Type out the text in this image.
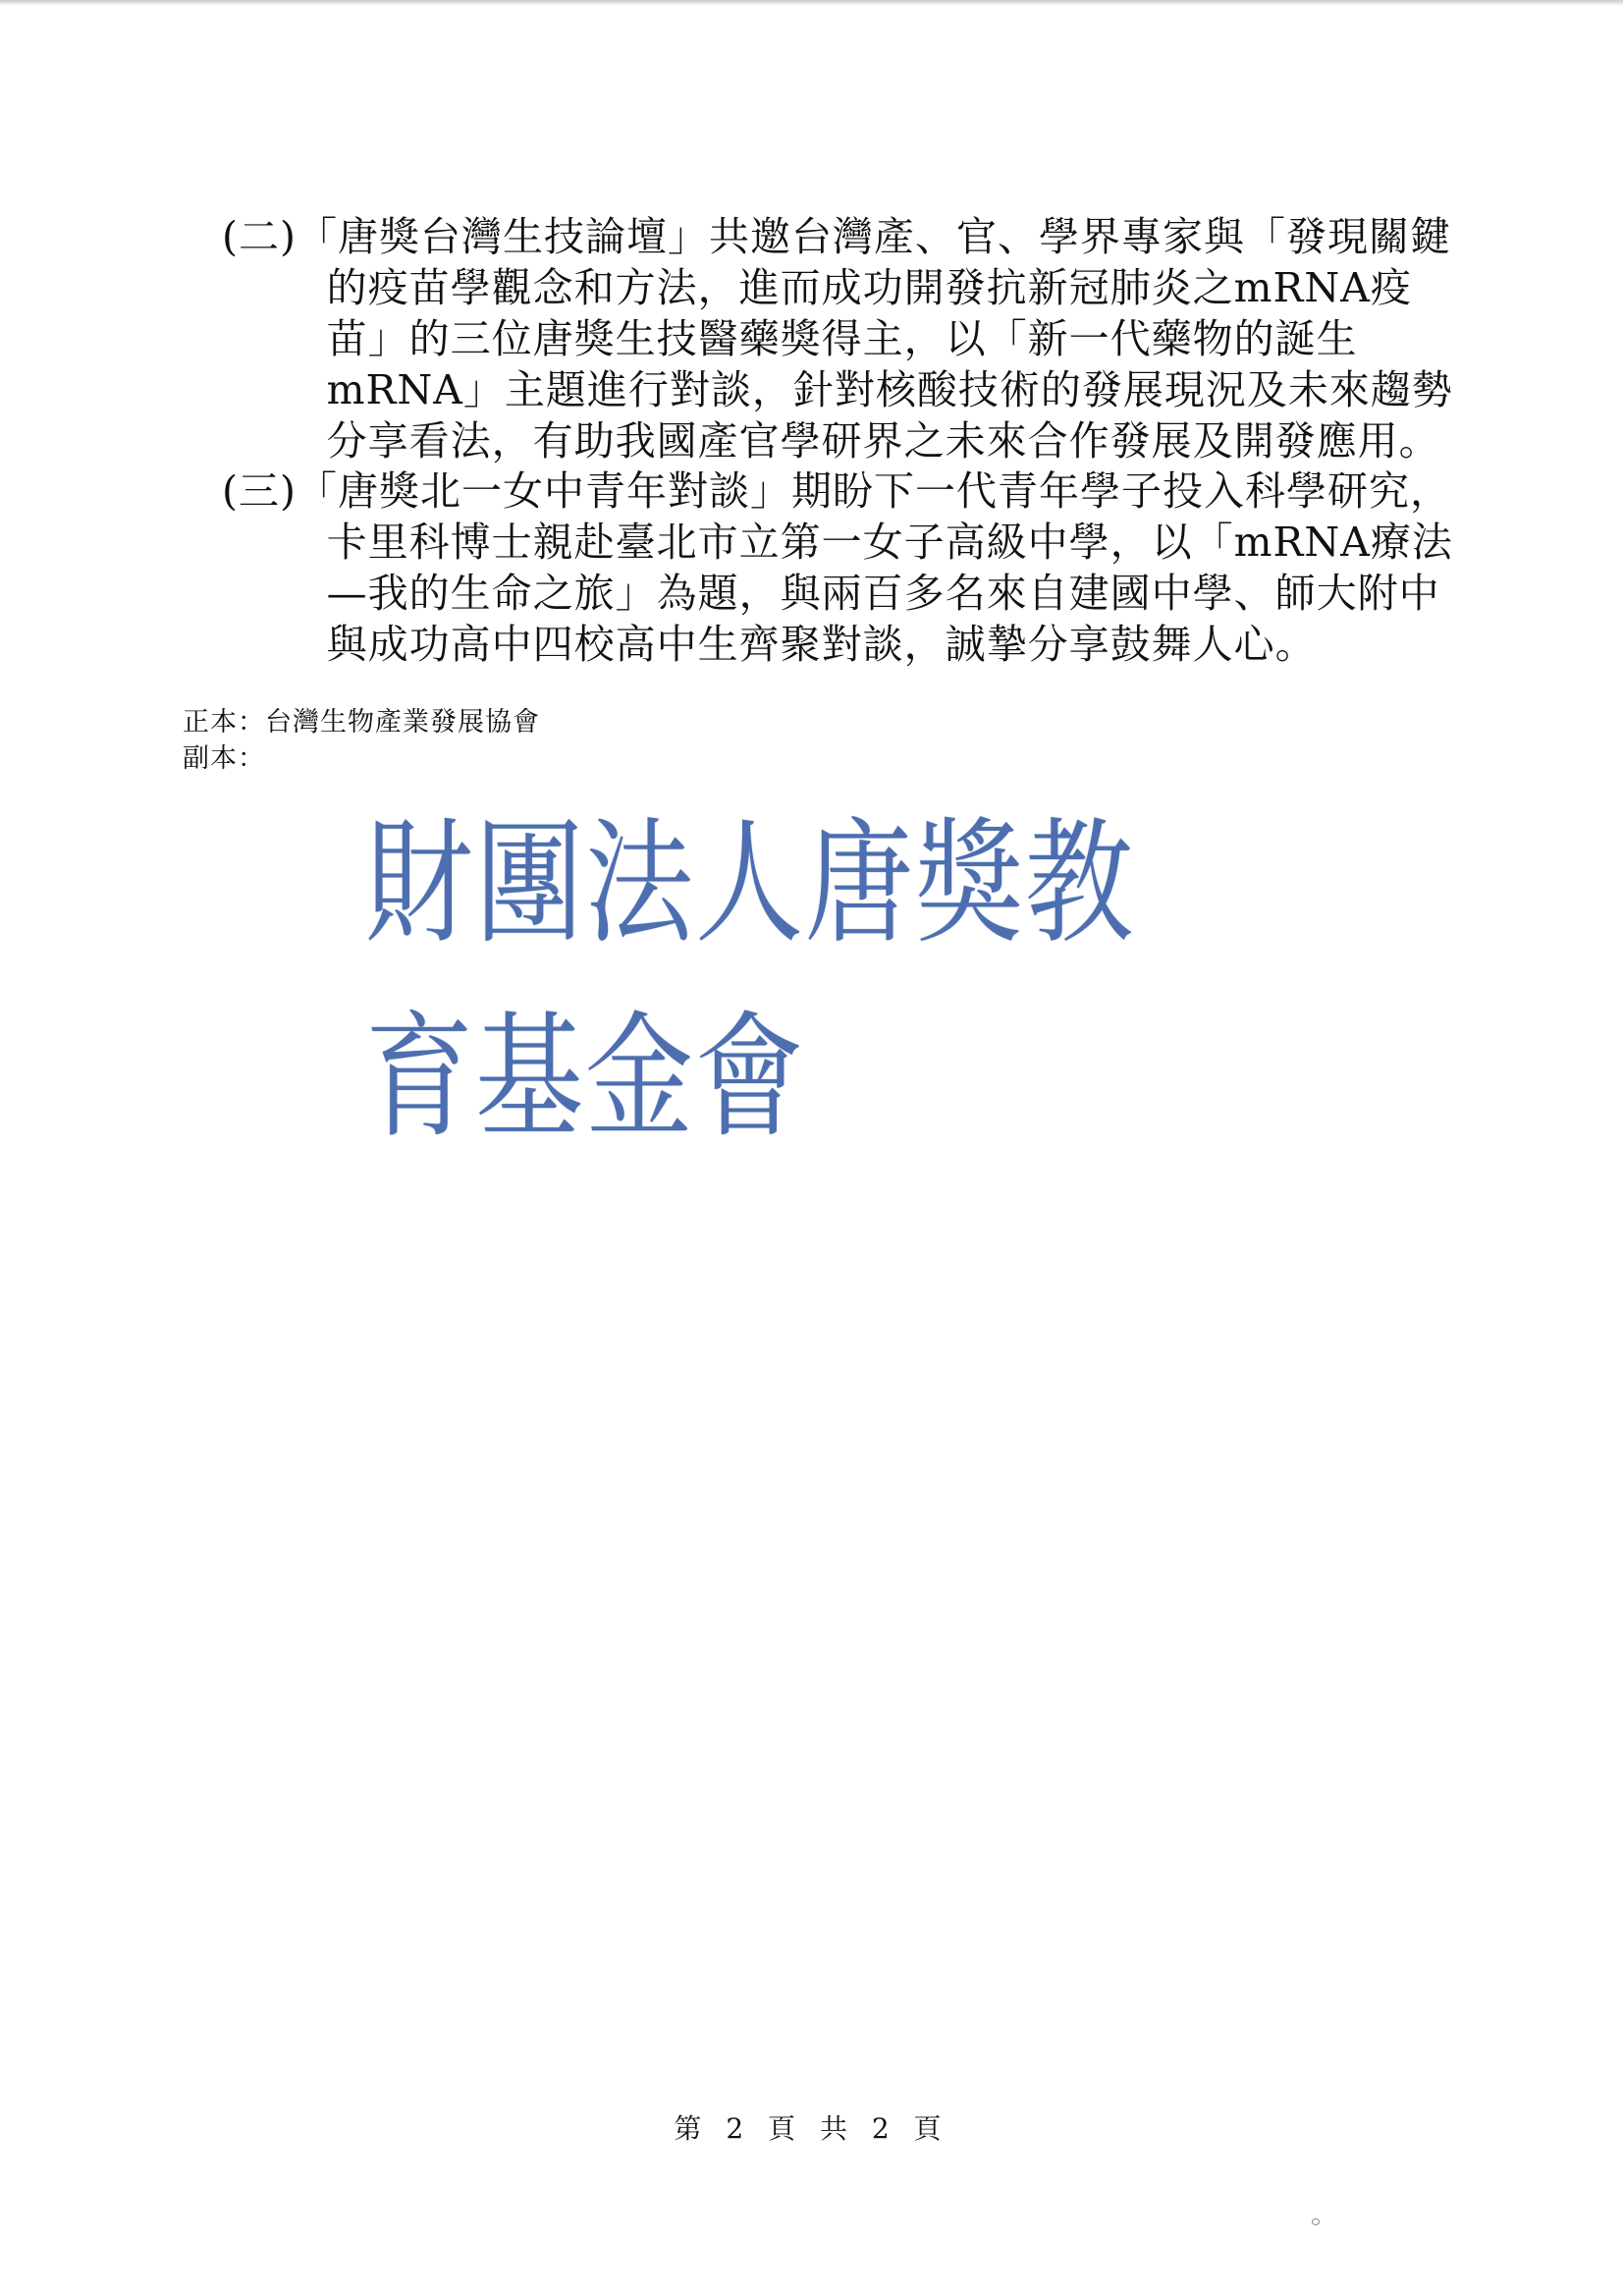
(二)「唐獎台灣生技論壇」共邀台灣產、官、學界專家與「發現關鍵的疫苗學觀念和方法，進而成功開發抗新冠肺炎之mRNA疫苗」的三位唐獎生技醫藥獎得主，以「新一代藥物的誕生mRNA」主題進行對談，針對核酸技術的發展現況及未來趨勢分享看法，有助我國產官學研界之未來合作發展及開發應用。

(三)「唐獎北一女中青年對談」期盼下一代青年學子投入科學研究，卡里科博士親赴臺北市立第一女子高級中學，以「mRNA療法—我的生命之旅」為題，與兩百多名來自建國中學、師大附中與成功高中四校高中生齊聚對談，誠摯分享鼓舞人心。

正本：台灣生物產業發展協會
副本：
財團法人唐獎教育基金會
第 2 頁 共 2 頁
